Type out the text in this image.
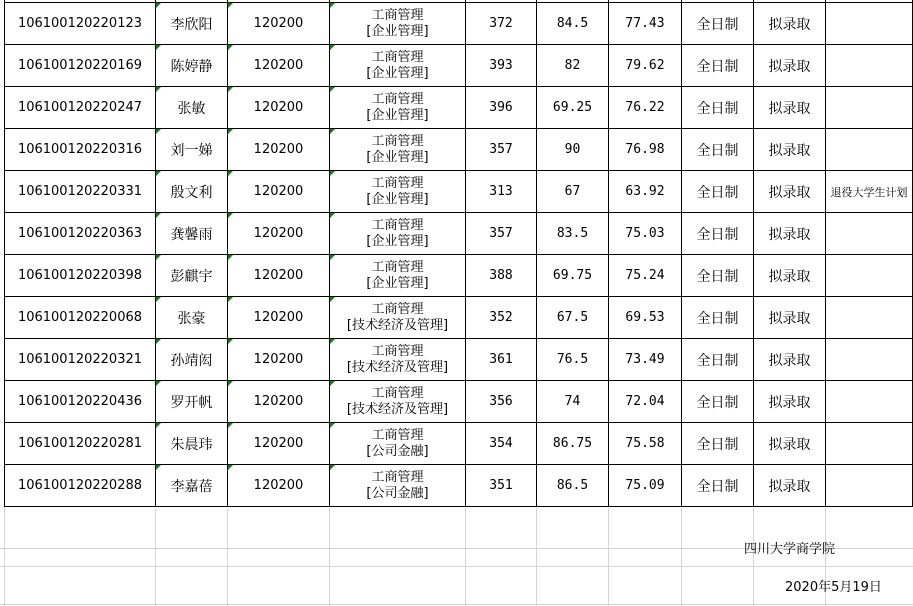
106100120220123	李欣阳	120200
工商管理
[企业管理]	372	84.5	77.43	全日制	拟录取
106100120220169	陈婷静	120200
工商管理
[企业管理]	393	82	79.62	全日制	拟录取
106100120220247	张敏	120200
工商管理
[企业管理]	396	69.25	76.22	全日制	拟录取
106100120220316	刘一娣	120200
工商管理
[企业管理]	357	90	76.98	全日制	拟录取
106100120220331	殷文利	120200
工商管理
[企业管理]	313	67	63.92	全日制	拟录取	退役大学生计划
106100120220363	龚馨雨	120200
工商管理
[企业管理]	357	83.5	75.03	全日制	拟录取
106100120220398	彭麒宇	120200
工商管理
[企业管理]	388	69.75	75.24	全日制	拟录取
106100120220068	张豪	120200
工商管理
[技术经济及管理]	352	67.5	69.53	全日制	拟录取
106100120220321	孙靖闳	120200
工商管理
[技术经济及管理]	361	76.5	73.49	全日制	拟录取
106100120220436	罗开帆	120200
工商管理
[技术经济及管理]	356	74	72.04	全日制	拟录取
106100120220281	朱晨玮	120200
工商管理
[公司金融]	354	86.75	75.58	全日制	拟录取
106100120220288	李嘉蓓	120200
工商管理
[公司金融]	351	86.5	75.09	全日制	拟录取
四川大学商学院
2020年5月19日
